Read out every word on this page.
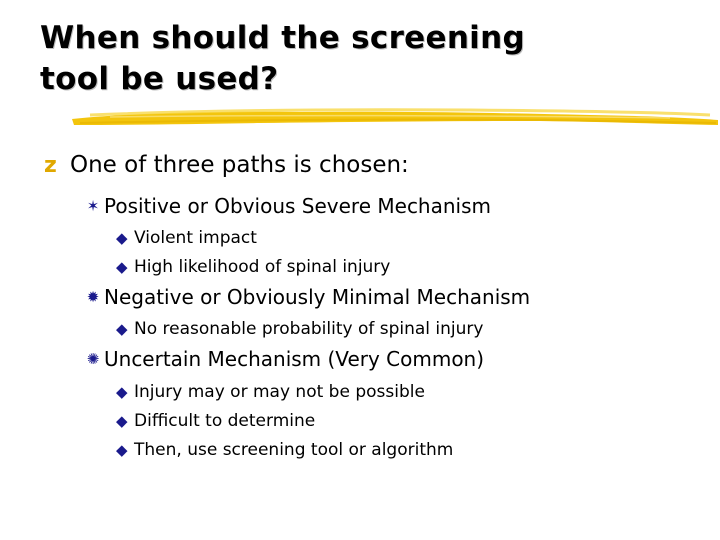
When should the screening
tool be used?
z One of three paths is chosen:
✶ Positive or Obvious Severe Mechanism
◆ Violent impact
◆ High likelihood of spinal injury
✹ Negative or Obviously Minimal Mechanism
◆ No reasonable probability of spinal injury
✺ Uncertain Mechanism (Very Common)
◆ Injury may or may not be possible
◆ Difficult to determine
◆ Then, use screening tool or algorithm
